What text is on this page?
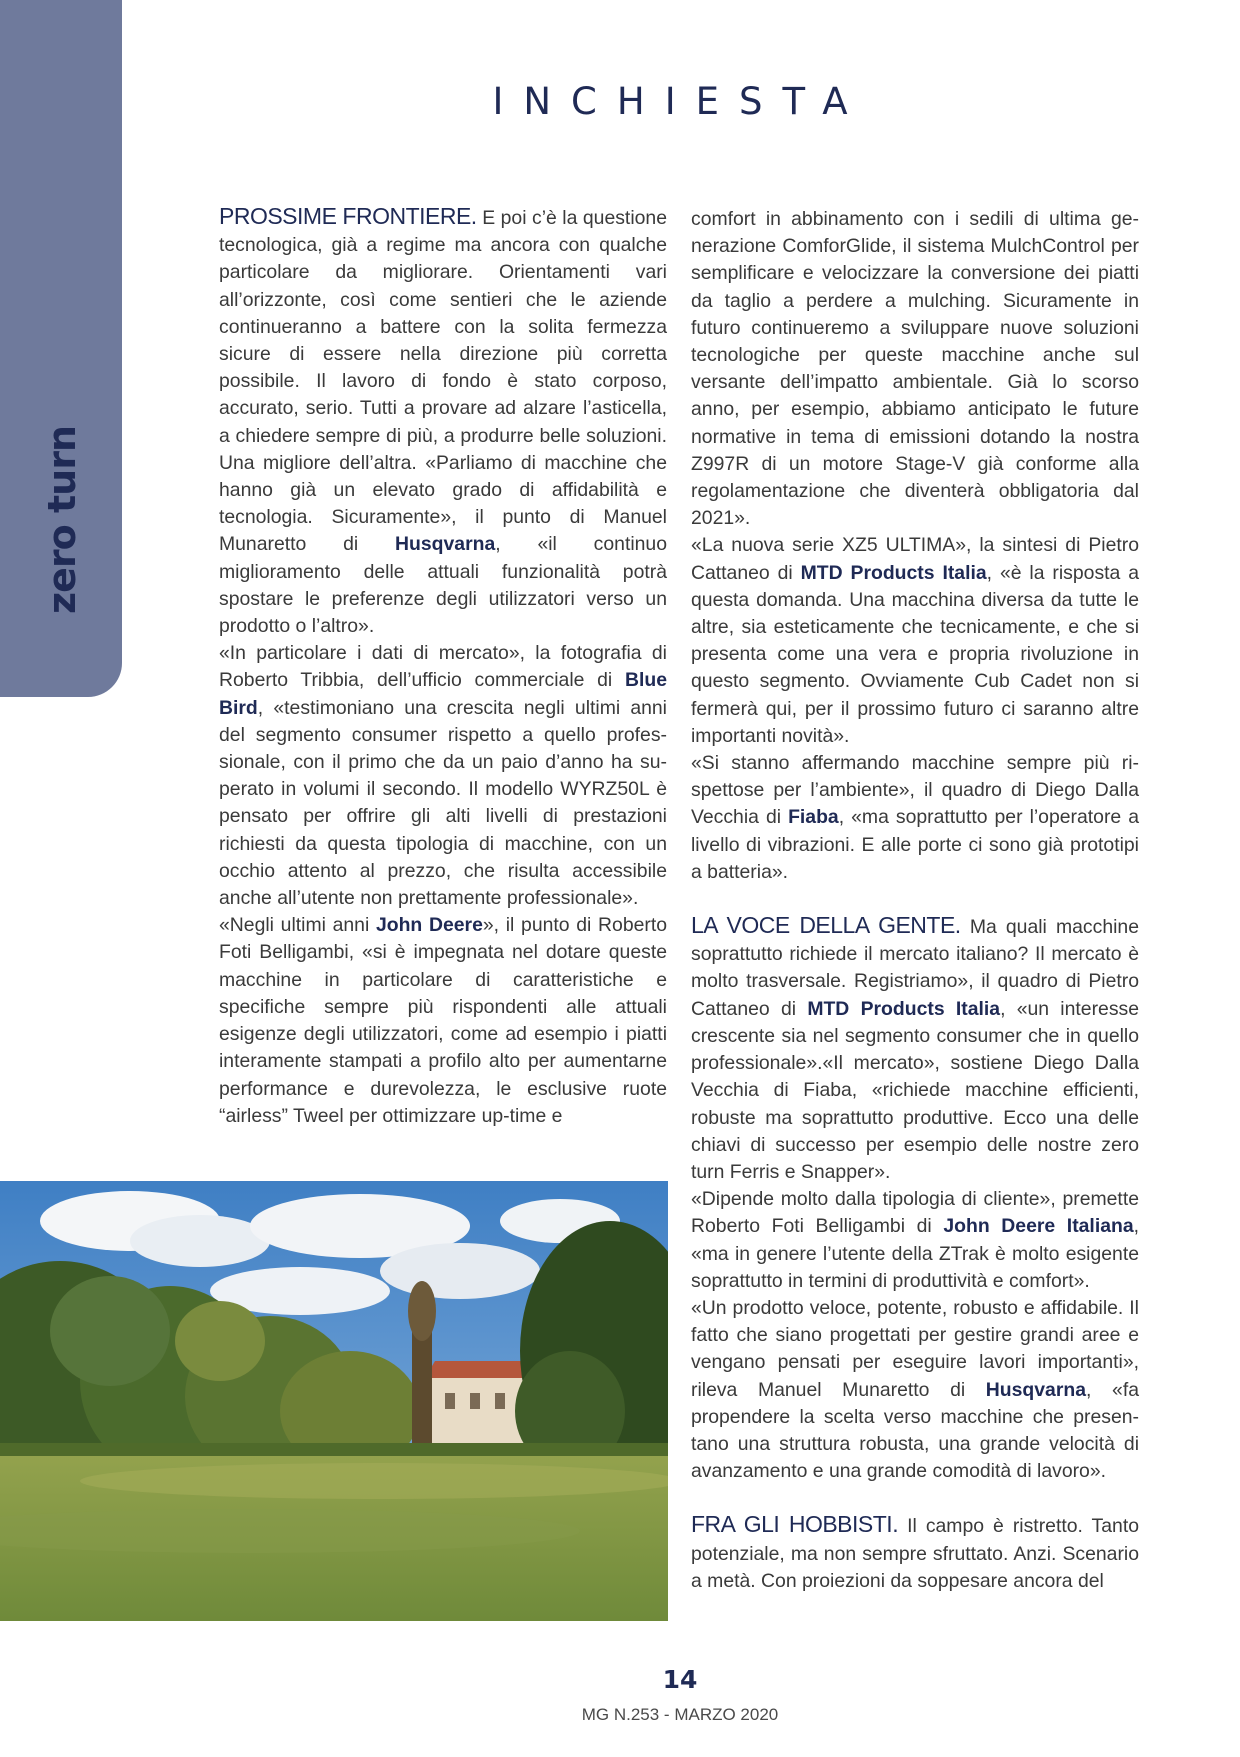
zero turn
INCHIESTA

PROSSIME FRONTIERE. E poi c’è la questione tecnologica, già a regime ma ancora con qualche particolare da migliorare. Orientamenti vari all’orizzonte, così come sentieri che le aziende continueranno a battere con la solita fermezza sicure di essere nella direzione più corretta possibile. Il lavoro di fondo è stato corposo, accurato, serio. Tutti a provare ad alzare l’asticella, a chiedere sempre di più, a produrre belle soluzioni. Una migliore dell’altra. «Parliamo di macchine che hanno già un elevato grado di affidabilità e tecnologia. Sicuramente», il punto di Manuel Munaretto di Husqvarna, «il continuo miglioramento delle attuali funzionalità potrà spostare le preferenze degli utilizzatori verso un prodotto o l’altro».

«In particolare i dati di mercato», la fotografia di Roberto Tribbia, dell’ufficio commerciale di Blue Bird, «testimoniano una crescita negli ultimi anni del segmento consumer rispetto a quello professionale, con il primo che da un paio d’anno ha superato in volumi il secondo. Il modello WYRZ50L è pensato per offrire gli alti livelli di prestazioni richiesti da questa tipologia di macchine, con un occhio attento al prezzo, che risulta accessibile anche all’utente non prettamente professionale».

«Negli ultimi anni John Deere», il punto di Roberto Foti Belligambi, «si è impegnata nel dotare queste macchine in particolare di caratteristiche e specifiche sempre più rispondenti alle attuali esigenze degli utilizzatori, come ad esempio i piatti interamente stampati a profilo alto per aumentarne performance e durevolezza, le esclusive ruote “airless” Tweel per ottimizzare up-time e

comfort in abbinamento con i sedili di ultima generazione ComforGlide, il sistema MulchControl per semplificare e velocizzare la conversione dei piatti da taglio a perdere a mulching. Sicuramente in futuro continueremo a sviluppare nuove soluzioni tecnologiche per queste macchine anche sul versante dell’impatto ambientale. Già lo scorso anno, per esempio, abbiamo anticipato le future normative in tema di emissioni dotando la nostra Z997R di un motore Stage-V già conforme alla regolamentazione che diventerà obbligatoria dal 2021».

«La nuova serie XZ5 ULTIMA», la sintesi di Pietro Cattaneo di MTD Products Italia, «è la risposta a questa domanda. Una macchina diversa da tutte le altre, sia esteticamente che tecnicamente, e che si presenta come una vera e propria rivoluzione in questo segmento. Ovviamente Cub Cadet non si fermerà qui, per il prossimo futuro ci saranno altre importanti novità».

«Si stanno affermando macchine sempre più rispettose per l’ambiente», il quadro di Diego Dalla Vecchia di Fiaba, «ma soprattutto per l’operatore a livello di vibrazioni. E alle porte ci sono già prototipi a batteria».

LA VOCE DELLA GENTE. Ma quali macchine soprattutto richiede il mercato italiano? Il mercato è molto trasversale. Registriamo», il quadro di Pietro Cattaneo di MTD Products Italia, «un interesse crescente sia nel segmento consumer che in quello professionale».«Il mercato», sostiene Diego Dalla Vecchia di Fiaba, «richiede macchine efficienti, robuste ma soprattutto produttive. Ecco una delle chiavi di successo per esempio delle nostre zero turn Ferris e Snapper».

«Dipende molto dalla tipologia di cliente», premette Roberto Foti Belligambi di John Deere Italiana, «ma in genere l’utente della ZTrak è molto esigente soprattutto in termini di produttività e comfort».

«Un prodotto veloce, potente, robusto e affidabile. Il fatto che siano progettati per gestire grandi aree e vengano pensati per eseguire lavori importanti», rileva Manuel Munaretto di Husqvarna, «fa propendere la scelta verso macchine che presentano una struttura robusta, una grande velocità di avanzamento e una grande comodità di lavoro».

FRA GLI HOBBISTI. Il campo è ristretto. Tanto potenziale, ma non sempre sfruttato. Anzi. Scenario a metà. Con proiezioni da soppesare ancora del

14
MG N.253 - MARZO 2020
